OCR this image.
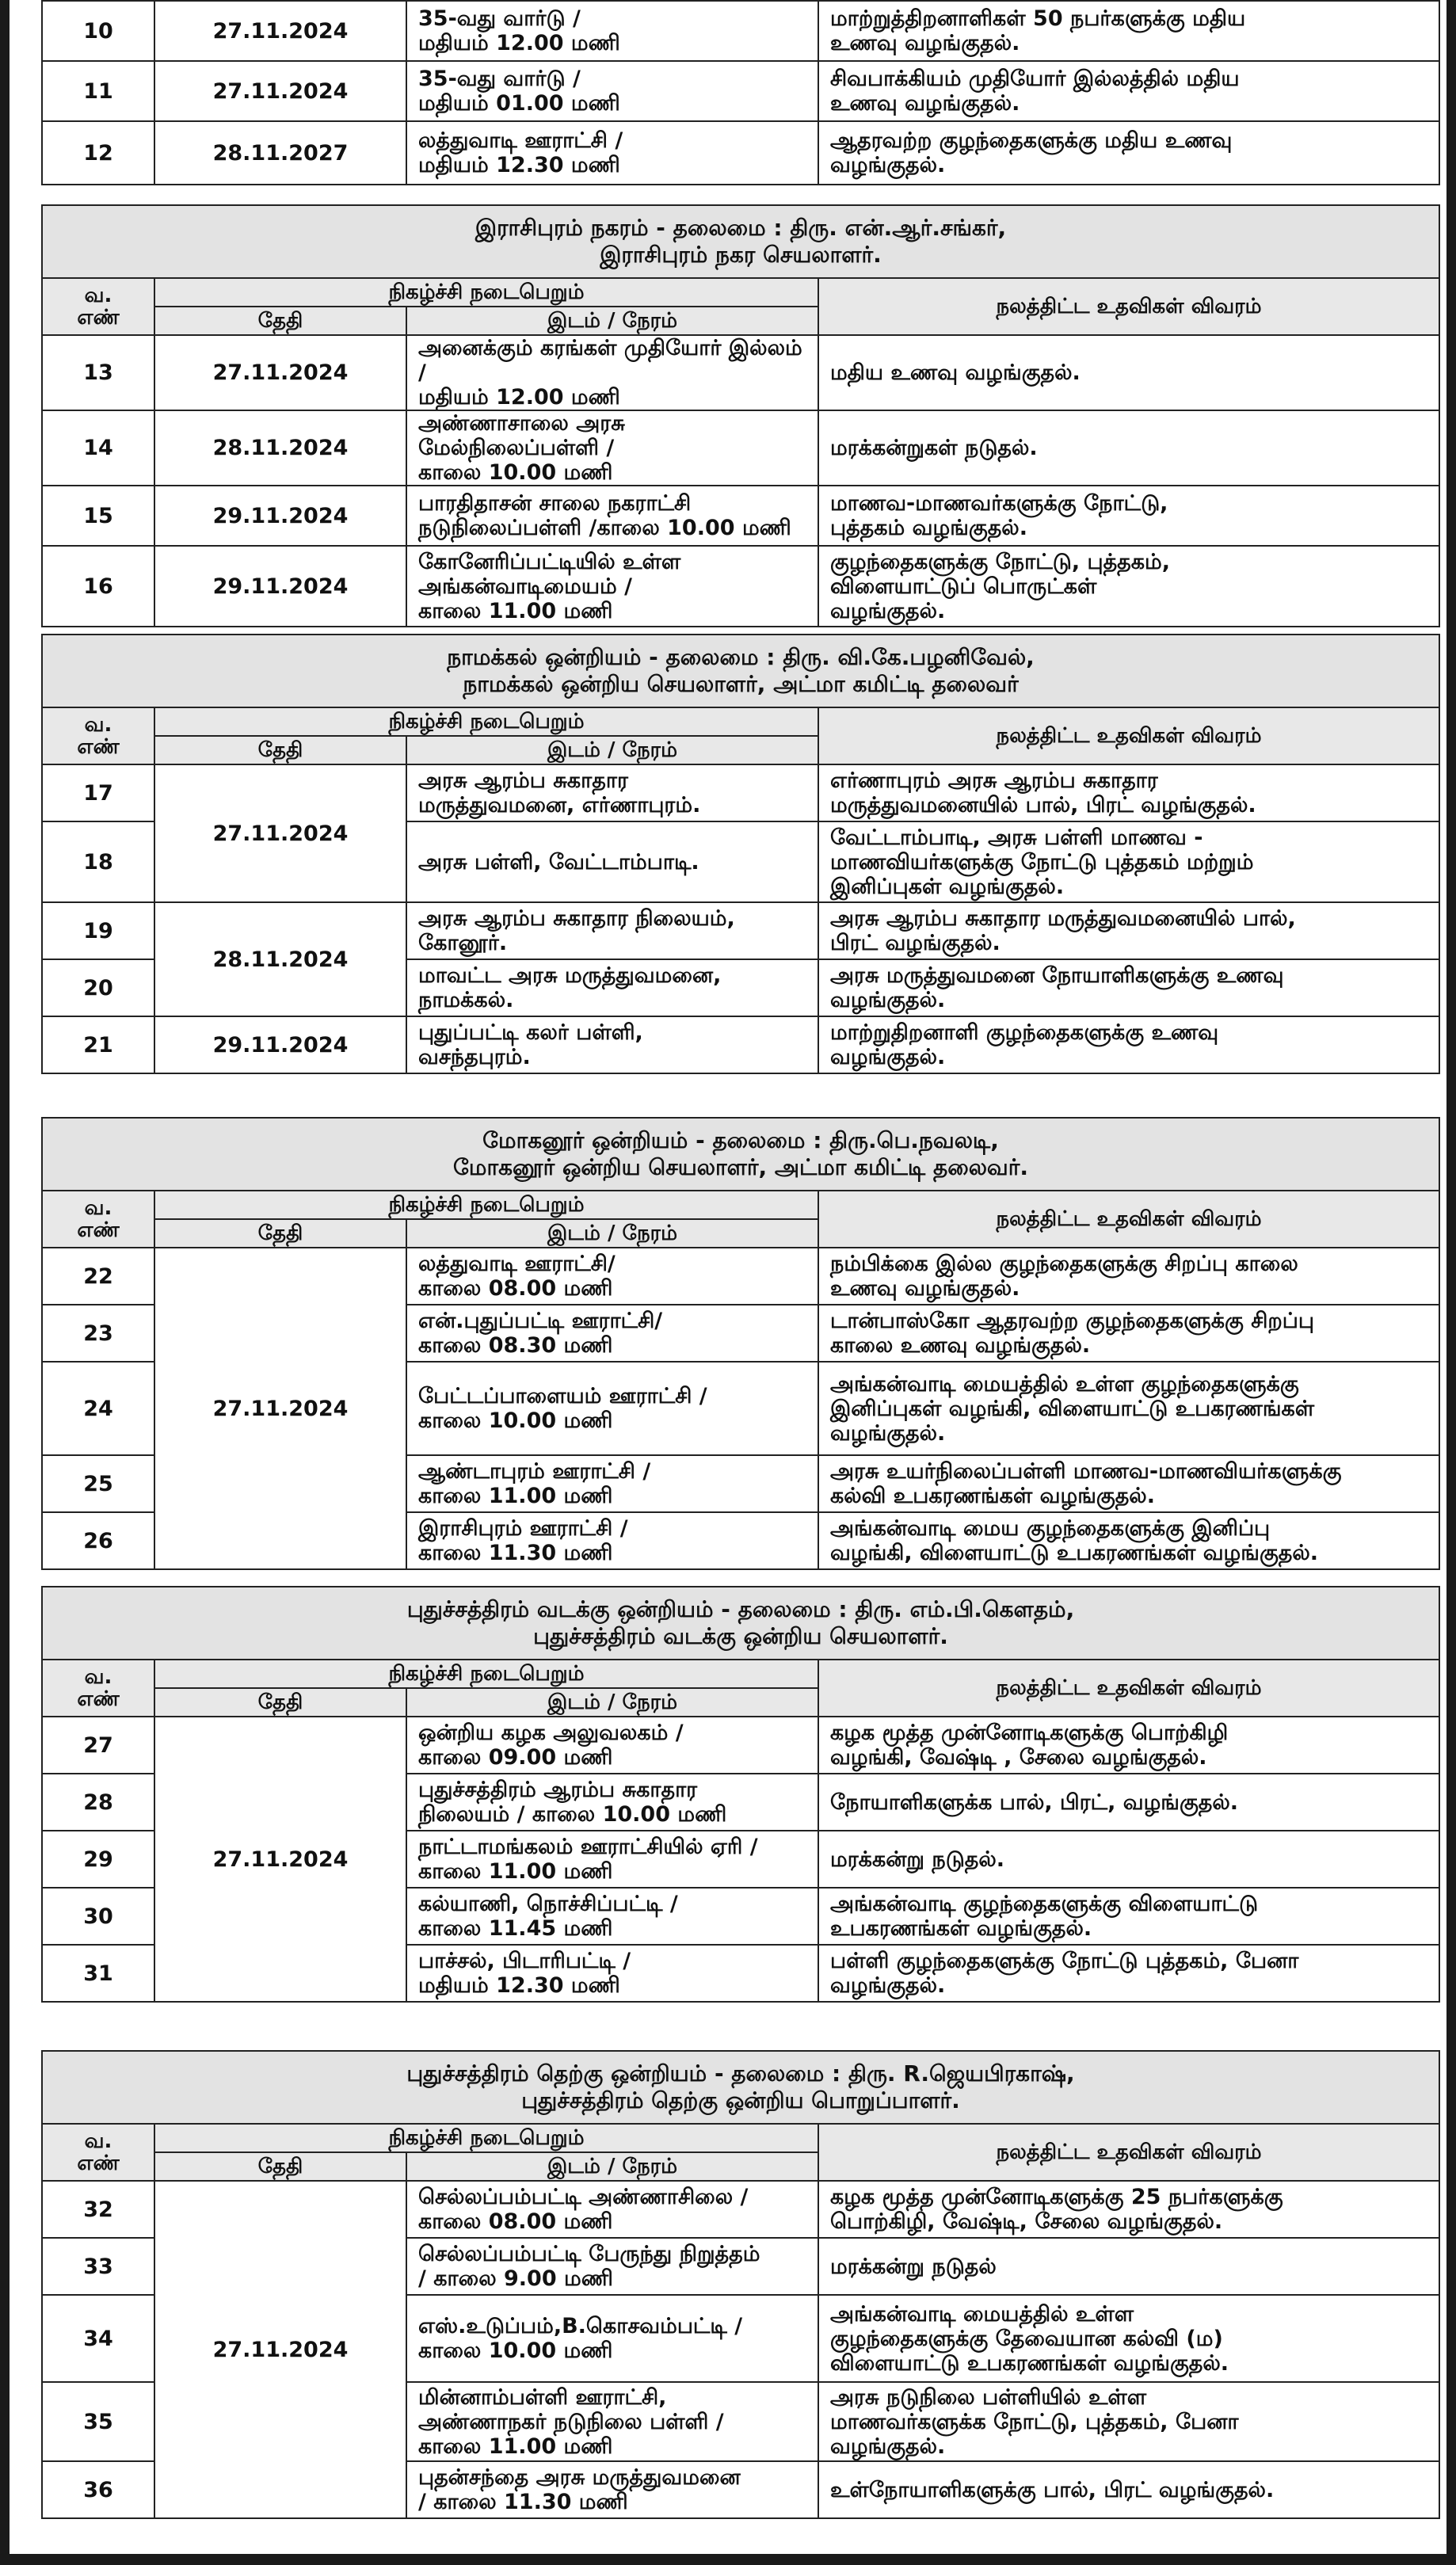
10	27.11.2024	35-வது வார்டு /
மதியம் 12.00 மணி	மாற்றுத்திறனாளிகள் 50 நபர்களுக்கு மதிய
உணவு வழங்குதல்.

11	27.11.2024	35-வது வார்டு /
மதியம் 01.00 மணி	சிவபாக்கியம் முதியோர் இல்லத்தில் மதிய
உணவு வழங்குதல்.

12	28.11.2027	லத்துவாடி ஊராட்சி /
மதியம் 12.30 மணி	ஆதரவற்ற குழந்தைகளுக்கு மதிய உணவு
வழங்குதல்.
இராசிபுரம் நகரம் - தலைமை : திரு. என்.ஆர்.சங்கர்,
இராசிபுரம் நகர செயலாளர்.			

வ.
எண்	நிகழ்ச்சி நடைபெறும்		நலத்திட்ட உதவிகள் விவரம்
	தேதி	இடம் / நேரம்	
13	27.11.2024	அனைக்கும் கரங்கள் முதியோர் இல்லம் /
மதியம் 12.00 மணி	மதிய உணவு வழங்குதல்.

14	28.11.2024	அண்ணாசாலை அரசு மேல்நிலைப்பள்ளி /
காலை 10.00 மணி	மரக்கன்றுகள் நடுதல்.

15	29.11.2024	பாரதிதாசன் சாலை நகராட்சி
நடுநிலைப்பள்ளி /காலை 10.00 மணி	மாணவ-மாணவர்களுக்கு நோட்டு,
புத்தகம் வழங்குதல்.

16	29.11.2024	கோனேரிப்பட்டியில் உள்ள
அங்கன்வாடிமையம் /
காலை 11.00 மணி	குழந்தைகளுக்கு நோட்டு, புத்தகம்,
விளையாட்டுப் பொருட்கள்
வழங்குதல்.
நாமக்கல் ஒன்றியம் - தலைமை : திரு. வி.கே.பழனிவேல்,
நாமக்கல் ஒன்றிய செயலாளர், அட்மா கமிட்டி தலைவர்			

வ.
எண்	நிகழ்ச்சி நடைபெறும்		நலத்திட்ட உதவிகள் விவரம்
	தேதி	இடம் / நேரம்	
17	27.11.2024	அரசு ஆரம்ப சுகாதார
மருத்துவமனை, எர்ணாபுரம்.	எர்ணாபுரம் அரசு ஆரம்ப சுகாதார
மருத்துவமனையில் பால், பிரட் வழங்குதல்.

18		அரசு பள்ளி, வேட்டாம்பாடி.	வேட்டாம்பாடி, அரசு பள்ளி மாணவ -
மாணவியர்களுக்கு நோட்டு புத்தகம் மற்றும்
இனிப்புகள் வழங்குதல்.

19	28.11.2024	அரசு ஆரம்ப சுகாதார நிலையம்,
கோனூர்.	அரசு ஆரம்ப சுகாதார மருத்துவமனையில் பால்,
பிரட் வழங்குதல்.

20		மாவட்ட அரசு மருத்துவமனை,
நாமக்கல்.	அரசு மருத்துவமனை நோயாளிகளுக்கு உணவு
வழங்குதல்.

21	29.11.2024	புதுப்பட்டி கலர் பள்ளி,
வசந்தபுரம்.	மாற்றுதிறனாளி குழந்தைகளுக்கு உணவு
வழங்குதல்.
மோகனூர் ஒன்றியம் - தலைமை : திரு.பெ.நவலடி,
மோகனூர் ஒன்றிய செயலாளர், அட்மா கமிட்டி தலைவர்.			

வ.
எண்	நிகழ்ச்சி நடைபெறும்		நலத்திட்ட உதவிகள் விவரம்
	தேதி	இடம் / நேரம்	
22	27.11.2024	லத்துவாடி ஊராட்சி/
காலை 08.00 மணி	நம்பிக்கை இல்ல குழந்தைகளுக்கு சிறப்பு காலை
உணவு வழங்குதல்.

23		என்.புதுப்பட்டி ஊராட்சி/
காலை 08.30 மணி	டான்பாஸ்கோ ஆதரவற்ற குழந்தைகளுக்கு சிறப்பு
காலை உணவு வழங்குதல்.

24		பேட்டப்பாளையம் ஊராட்சி /
காலை 10.00 மணி	அங்கன்வாடி மையத்தில் உள்ள குழந்தைகளுக்கு
இனிப்புகள் வழங்கி, விளையாட்டு உபகரணங்கள்
வழங்குதல்.

25		ஆண்டாபுரம் ஊராட்சி /
காலை 11.00 மணி	அரசு உயர்நிலைப்பள்ளி மாணவ-மாணவியர்களுக்கு
கல்வி உபகரணங்கள் வழங்குதல்.

26		இராசிபுரம் ஊராட்சி /
காலை 11.30 மணி	அங்கன்வாடி மைய குழந்தைகளுக்கு இனிப்பு
வழங்கி, விளையாட்டு உபகரணங்கள் வழங்குதல்.
புதுச்சத்திரம் வடக்கு ஒன்றியம் - தலைமை : திரு. எம்.பி.கௌதம்,
புதுச்சத்திரம் வடக்கு ஒன்றிய செயலாளர்.			

வ.
எண்	நிகழ்ச்சி நடைபெறும்		நலத்திட்ட உதவிகள் விவரம்
	தேதி	இடம் / நேரம்	
27	27.11.2024	ஒன்றிய கழக அலுவலகம் /
காலை 09.00 மணி	கழக மூத்த முன்னோடிகளுக்கு பொற்கிழி
வழங்கி, வேஷ்டி , சேலை வழங்குதல்.

28		புதுச்சத்திரம் ஆரம்ப சுகாதார
நிலையம் / காலை 10.00 மணி	நோயாளிகளுக்க பால், பிரட், வழங்குதல்.

29		நாட்டாமங்கலம் ஊராட்சியில் ஏரி /
காலை 11.00 மணி	மரக்கன்று நடுதல்.

30		கல்யாணி, நொச்சிப்பட்டி /
காலை 11.45 மணி	அங்கன்வாடி குழந்தைகளுக்கு விளையாட்டு
உபகரணங்கள் வழங்குதல்.

31		பாச்சல், பிடாரிபட்டி /
மதியம் 12.30 மணி	பள்ளி குழந்தைகளுக்கு நோட்டு புத்தகம், பேனா
வழங்குதல்.
புதுச்சத்திரம் தெற்கு ஒன்றியம் - தலைமை : திரு. R.ஜெயபிரகாஷ்,
புதுச்சத்திரம் தெற்கு ஒன்றிய பொறுப்பாளர்.			

வ.
எண்	நிகழ்ச்சி நடைபெறும்		நலத்திட்ட உதவிகள் விவரம்
	தேதி	இடம் / நேரம்	
32	27.11.2024	செல்லப்பம்பட்டி அண்ணாசிலை /
காலை 08.00 மணி	கழக மூத்த முன்னோடிகளுக்கு 25 நபர்களுக்கு
பொற்கிழி, வேஷ்டி, சேலை வழங்குதல்.

33		செல்லப்பம்பட்டி பேருந்து நிறுத்தம்
/ காலை 9.00 மணி	மரக்கன்று நடுதல்

34		எஸ்.உடுப்பம்,B.கொசவம்பட்டி /
காலை 10.00 மணி	அங்கன்வாடி மையத்தில் உள்ள
குழந்தைகளுக்கு தேவையான கல்வி (ம)
விளையாட்டு உபகரணங்கள் வழங்குதல்.

35		மின்னாம்பள்ளி ஊராட்சி,
அண்ணாநகர் நடுநிலை பள்ளி /
காலை 11.00 மணி	அரசு நடுநிலை பள்ளியில் உள்ள
மாணவர்களுக்க நோட்டு, புத்தகம், பேனா
வழங்குதல்.

36		புதன்சந்தை அரசு மருத்துவமனை
/ காலை 11.30 மணி	உள்நோயாளிகளுக்கு பால், பிரட் வழங்குதல்.
